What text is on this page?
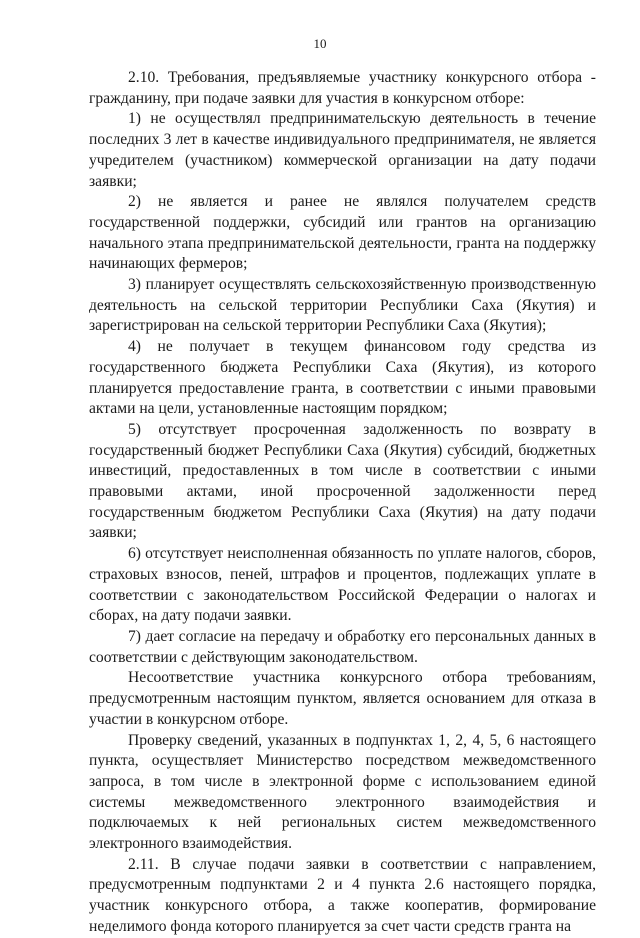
10

2.10. Требования, предъявляемые участнику конкурсного отбора - гражданину, при подаче заявки для участия в конкурсном отборе:

1) не осуществлял предпринимательскую деятельность в течение последних 3 лет в качестве индивидуального предпринимателя, не является учредителем (участником) коммерческой организации на дату подачи заявки;

2) не является и ранее не являлся получателем средств государственной поддержки, субсидий или грантов на организацию начального этапа предпринимательской деятельности, гранта на поддержку начинающих фермеров;

3) планирует осуществлять сельскохозяйственную производственную деятельность на сельской территории Республики Саха (Якутия) и зарегистрирован на сельской территории Республики Саха (Якутия);

4) не получает в текущем финансовом году средства из государственного бюджета Республики Саха (Якутия), из которого планируется предоставление гранта, в соответствии с иными правовыми актами на цели, установленные настоящим порядком;

5) отсутствует просроченная задолженность по возврату в государственный бюджет Республики Саха (Якутия) субсидий, бюджетных инвестиций, предоставленных в том числе в соответствии с иными правовыми актами, иной просроченной задолженности перед государственным бюджетом Республики Саха (Якутия) на дату подачи заявки;

6) отсутствует неисполненная обязанность по уплате налогов, сборов, страховых взносов, пеней, штрафов и процентов, подлежащих уплате в соответствии с законодательством Российской Федерации о налогах и сборах, на дату подачи заявки.

7) дает согласие на передачу и обработку его персональных данных в соответствии с действующим законодательством.

Несоответствие участника конкурсного отбора требованиям, предусмотренным настоящим пунктом, является основанием для отказа в участии в конкурсном отборе.

Проверку сведений, указанных в подпунктах 1, 2, 4, 5, 6 настоящего пункта, осуществляет Министерство посредством межведомственного запроса, в том числе в электронной форме с использованием единой системы межведомственного электронного взаимодействия и подключаемых к ней региональных систем межведомственного электронного взаимодействия.

2.11. В случае подачи заявки в соответствии с направлением, предусмотренным подпунктами 2 и 4 пункта 2.6 настоящего порядка, участник конкурсного отбора, а также кооператив, формирование неделимого фонда которого планируется за счет части средств гранта на
